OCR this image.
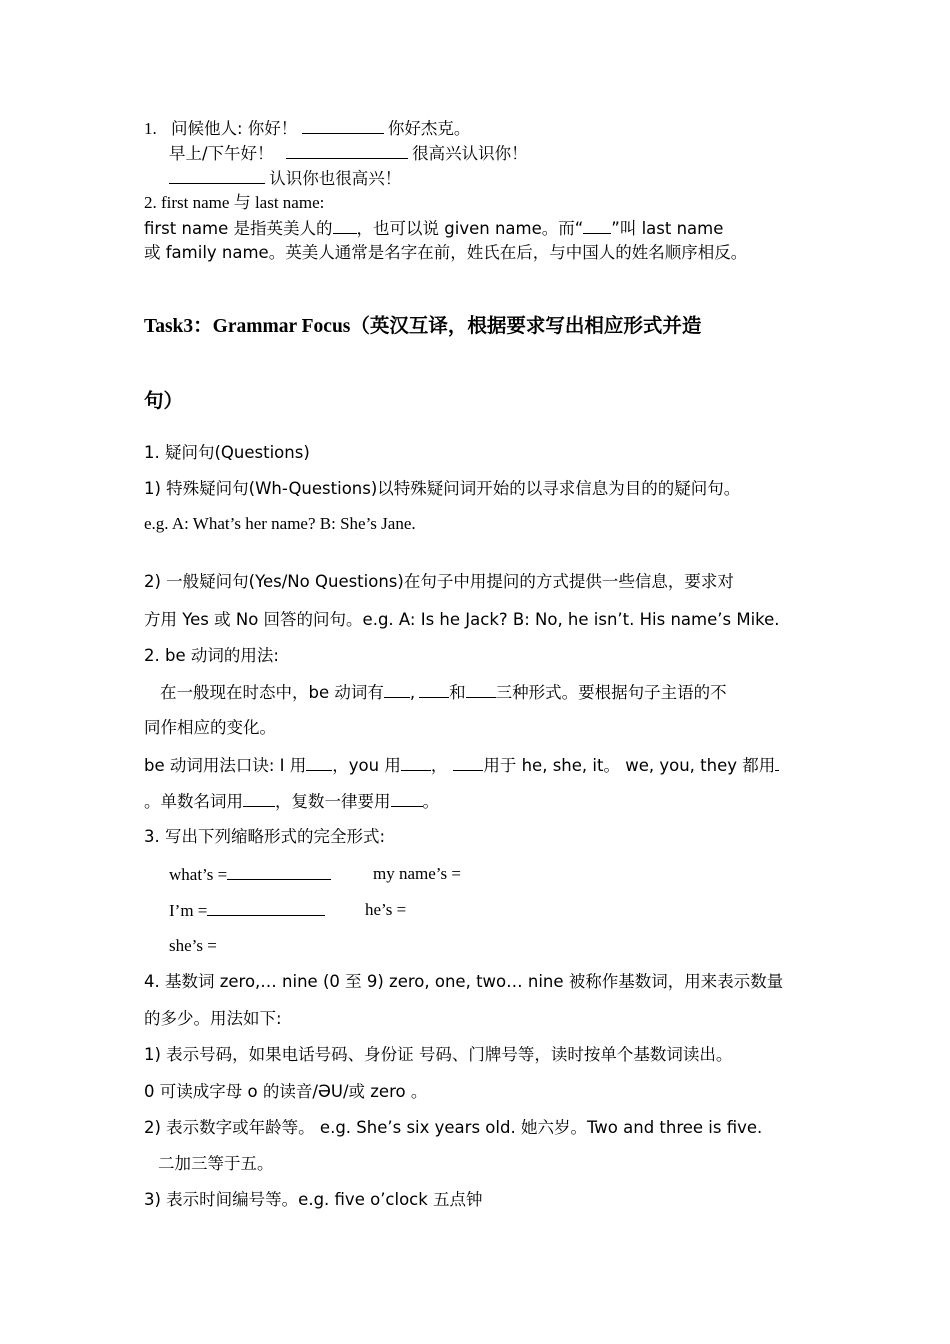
1. 问候他人: 你好！	你好杰克。
早上/下午好！	很高兴认识你！
认识你也很高兴！
2. first name 与 last name:
first name 是指英美人的 ，也可以说 given name。而“ ”叫 last name
或 family name。英美人通常是名字在前，姓氏在后，与中国人的姓名顺序相反。
Task3：Grammar Focus（英汉互译，根据要求写出相应形式并造
句）
1. 疑问句(Questions)
1) 特殊疑问句(Wh-Questions)以特殊疑问词开始的以寻求信息为目的的疑问句。
e.g. A: What’s her name? B: She’s Jane.
2) 一般疑问句(Yes/No Questions)在句子中用提问的方式提供一些信息，要求对
方用 Yes 或 No 回答的问句。e.g. A: Is he Jack? B: No, he isn’t. His name’s Mike.
2. be 动词的用法:
在一般现在时态中，be 动词有 , 和 三种形式。要根据句子主语的不
同作相应的变化。
be 动词用法口诀: I 用 ，you 用 ， 用于 he, she, it。 we, you, they 都用
。单数名词用 ，复数一律要用 。
3. 写出下列缩略形式的完全形式:
what’s =	my name’s =
I’m =	he’s =
she’s =
4. 基数词 zero,… nine (0 至 9) zero, one, two… nine 被称作基数词，用来表示数量
的多少。用法如下:
1) 表示号码，如果电话号码、身份证 号码、门牌号等，读时按单个基数词读出。
0 可读成字母 o 的读音/ƏU/或 zero 。
2) 表示数字或年龄等。 e.g. She’s six years old. 她六岁。Two and three is five.
二加三等于五。
3) 表示时间编号等。e.g. five o’clock 五点钟
